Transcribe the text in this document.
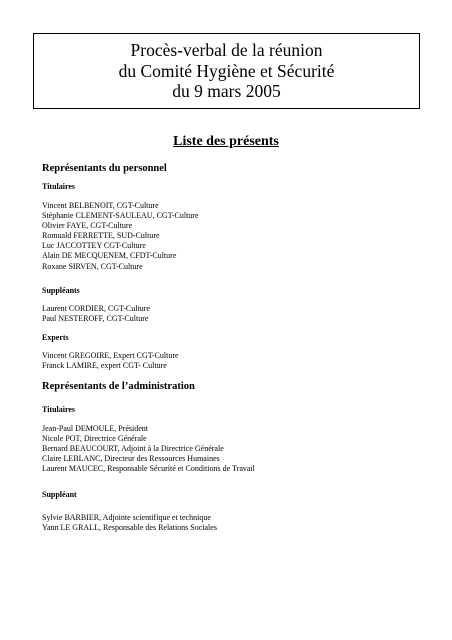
Procès-verbal de la réunion
du Comité Hygiène et Sécurité
du 9 mars 2005
Liste des présents
Représentants du personnel
Titulaires
Vincent BELBENOIT, CGT-Culture
Stéphanie CLEMENT-SAULEAU, CGT-Culture
Olivier FAYE, CGT-Culture
Romuald FERRETTE, SUD-Culture
Luc JACCOTTEY CGT-Culture
Alain DE MECQUENEM, CFDT-Culture
Roxane SIRVEN, CGT-Culture
Suppléants
Laurent CORDIER, CGT-Culture
Paul NESTEROFF, CGT-Culture
Experts
Vincent GREGOIRE, Expert CGT-Culture
Franck LAMIRE, expert CGT- Culture
Représentants de l’administration
Titulaires
Jean-Paul DEMOULE, Président
Nicole POT, Directrice Générale
Bernard BEAUCOURT, Adjoint à la Directrice Générale
Claire LEBLANC, Directeur des Ressources Humaines
Laurent MAUCEC, Responsable Sécurité et Conditions de Travail
Suppléant
Sylvie BARBIER, Adjointe scientifique et technique
Yann LE GRALL, Responsable des Relations Sociales
